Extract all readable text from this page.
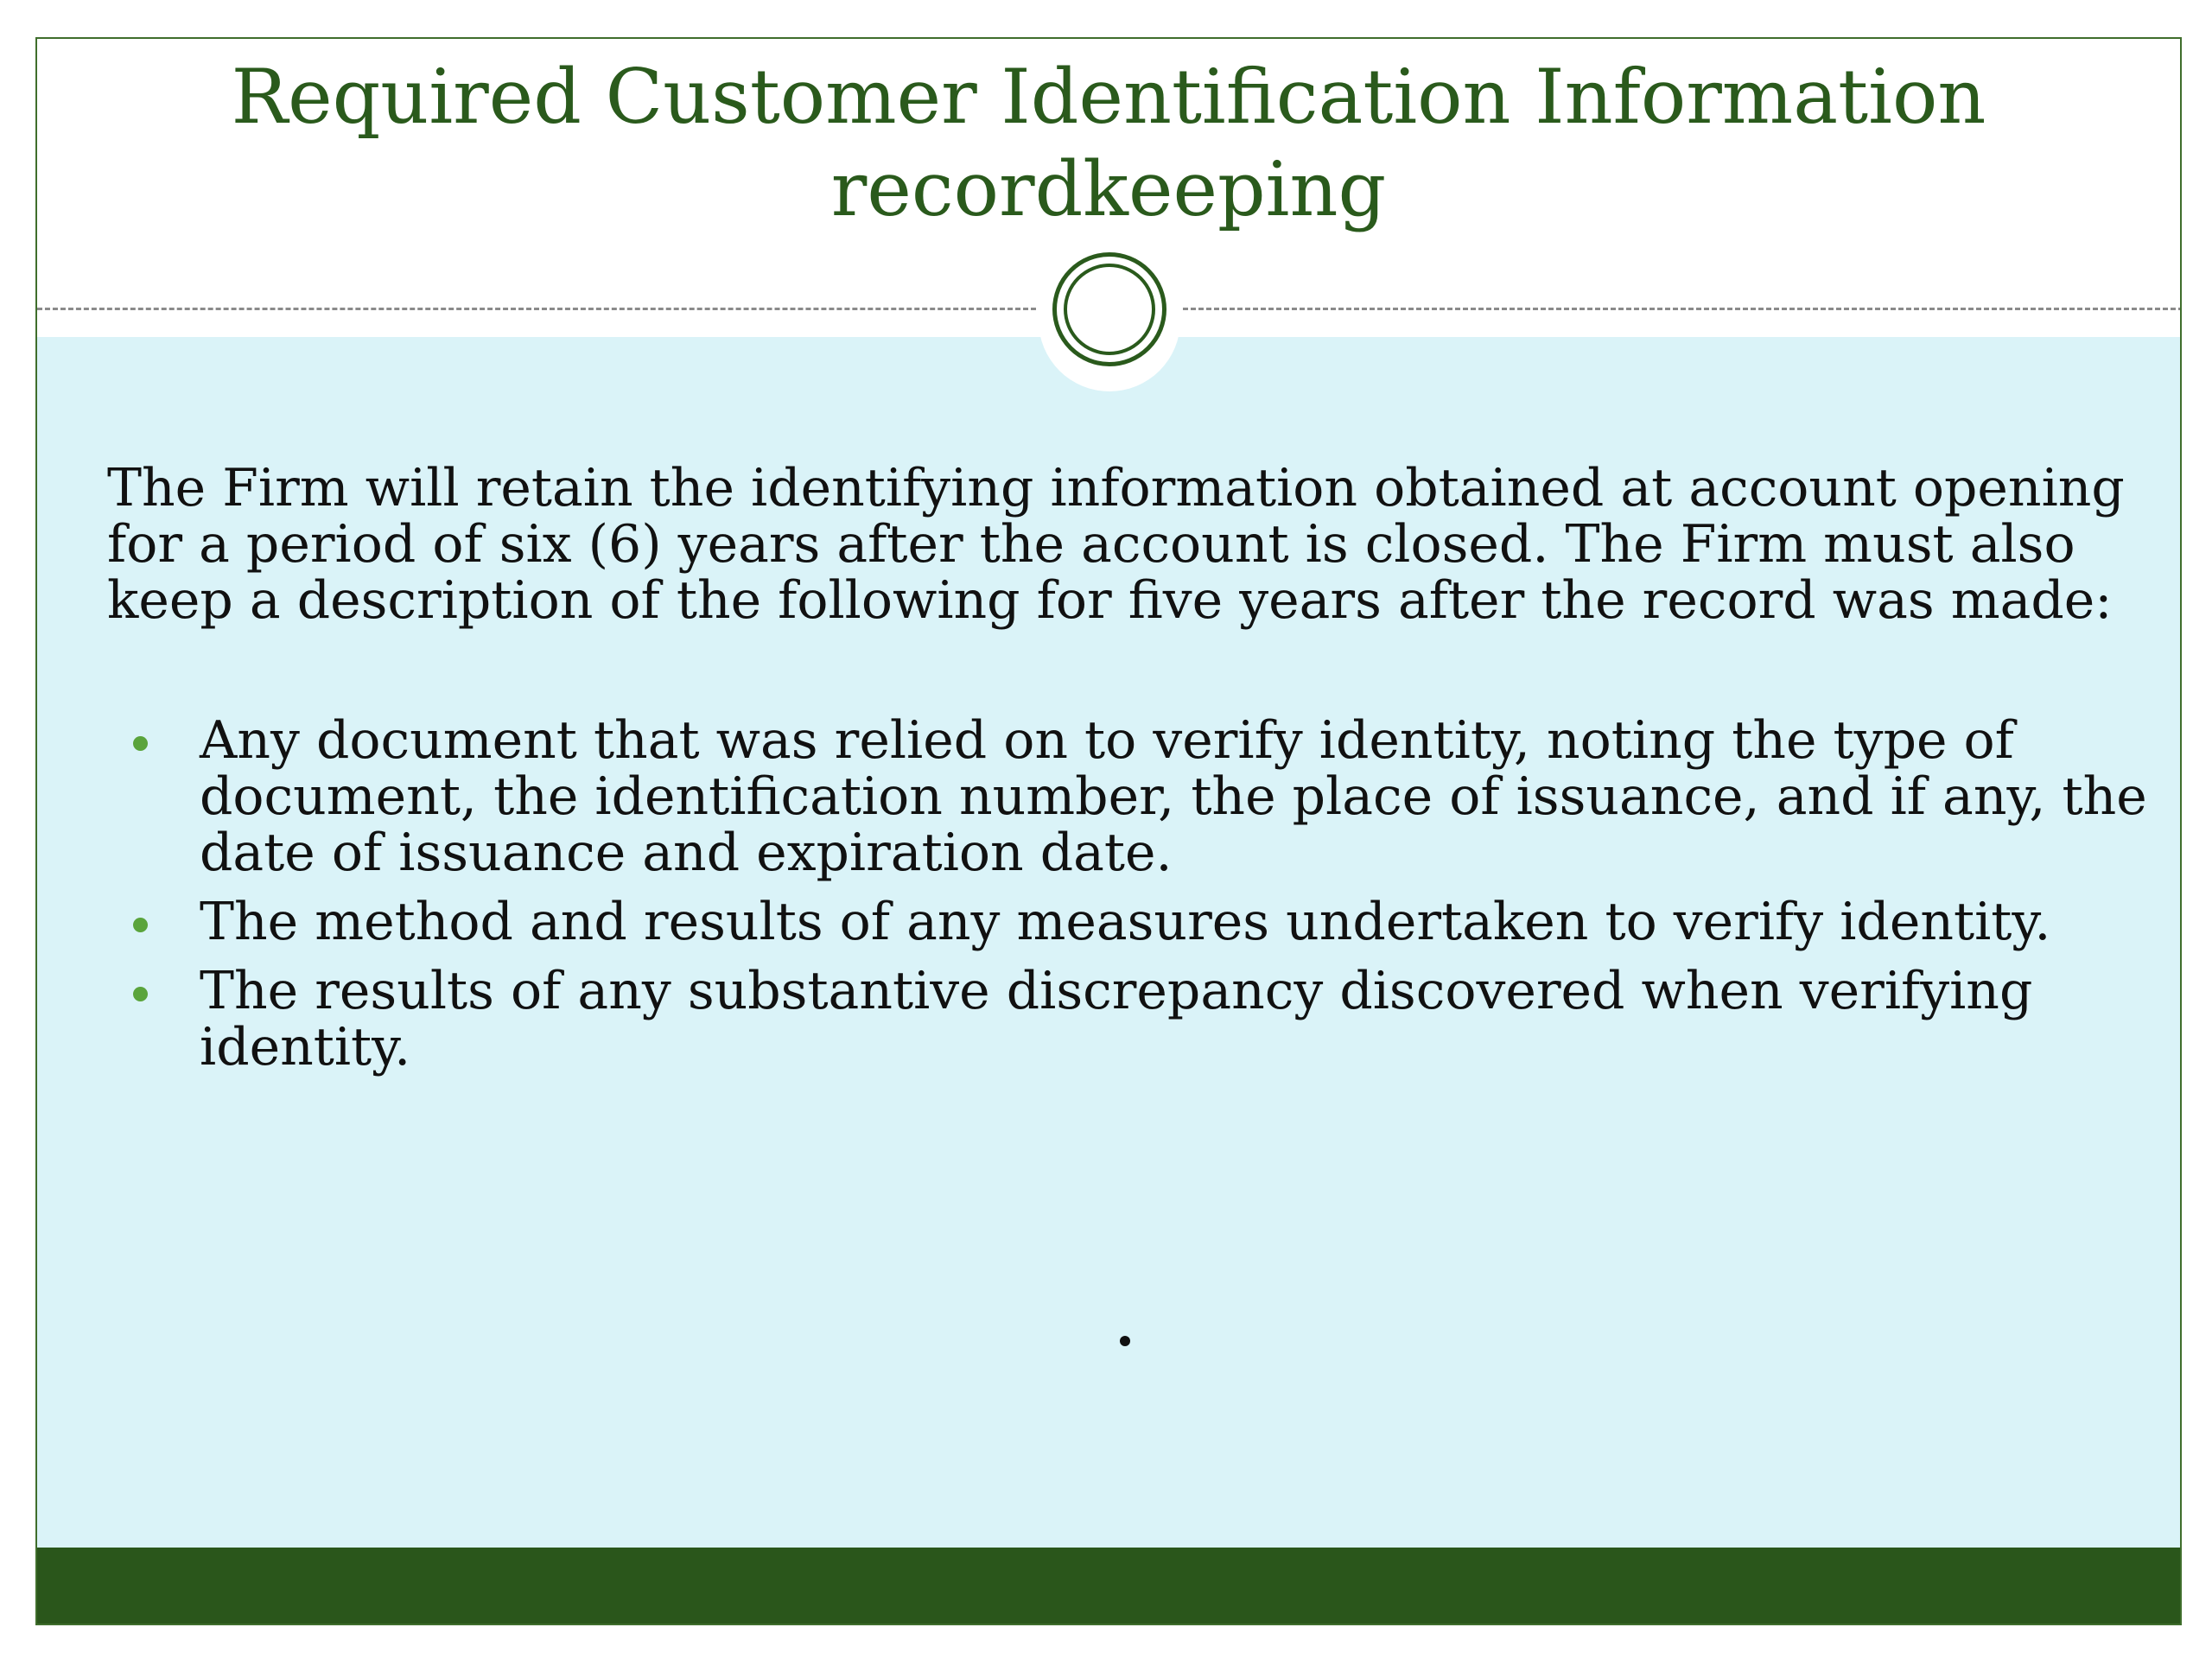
Required Customer Identification Information
recordkeeping

The Firm will retain the identifying information obtained at account opening for a period of six (6) years after the account is closed. The Firm must also keep a description of the following for five years after the record was made:

Any document that was relied on to verify identity, noting the type of document, the identification number, the place of issuance, and if any, the date of issuance and expiration date.
The method and results of any measures undertaken to verify identity.
The results of any substantive discrepancy discovered when verifying identity.
